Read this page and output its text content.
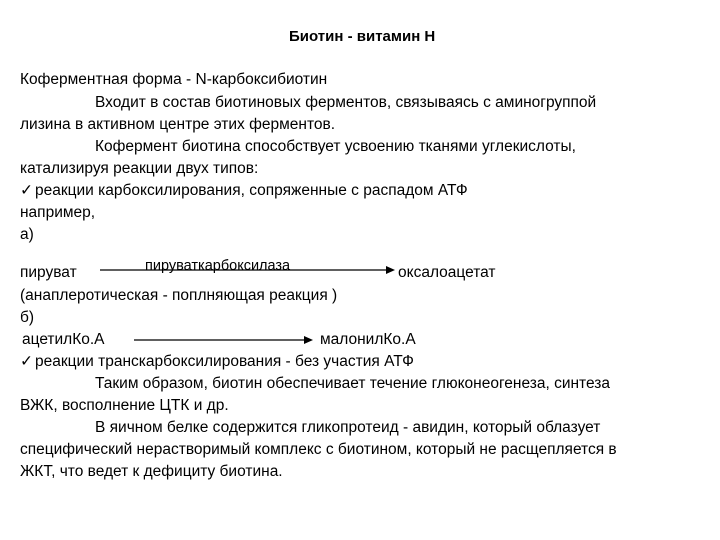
Биотин - витамин Н
Коферментная форма - N-карбоксибиотин
Входит в состав биотиновых ферментов, связываясь с аминогруппой
лизина в активном центре этих ферментов.
Кофермент биотина способствует усвоению тканями углекислоты,
катализируя реакции двух типов:
✓ реакции карбоксилирования, сопряженные с распадом АТФ
например,
а)
пируваткарбоксилаза
пируват	оксалоацетат
(анаплеротическая - поплняющая реакция )
б)
ацетилКо.А	малонилКо.А
✓ реакции транскарбоксилирования - без участия АТФ
Таким образом, биотин обеспечивает течение глюконеогенеза, синтеза
ВЖК, восполнение ЦТК и др.
В яичном белке содержится гликопротеид - авидин, который облазует
специфический нерастворимый комплекс с биотином, который не расщепляется в
ЖКТ, что ведет к дефициту биотина.
